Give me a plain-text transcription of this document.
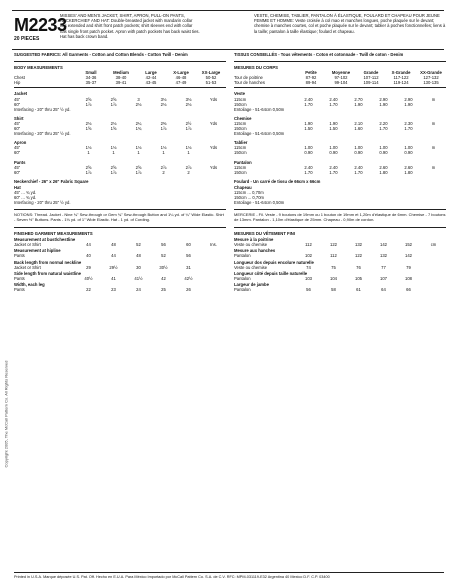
Copyright 2005, The McCall Pattern Co. All Rights Reserved
M2233
20 PIECES
MISSES' AND MEN'S JACKET, SHIRT, APRON, PULL-ON PANTS, NECKERCHIEF AND HAT: Double-breasted jacket with mandarin collar has extended and shirt front patch pockets; shirt sleeves end with collar has single front patch pocket. Apron with patch pockets has back waist ties. Hat has back crown band.
VESTE, CHEMISE, TABLIER, PANTALON À ÉLASTIQUE, FOULARD ET CHAPEAU POUR JEUNE FEMME ET HOMME: Veste croisée à col mao et manches longues, poche plaquée sur le devant; chemise à manches courtes, col et poche plaquée sur le devant; tablier à poches fonctionnelles; liens à la taille; pantalon à taille élastique; foulard et chapeau.
SUGGESTED FABRICS: All Garments - Cotton and Cotton Blends - Cotton Twill - Denim
BODY MEASUREMENTS
Small	Medium	Large	X-Large	XX-Large
Chest	34-36	38-40	42-44	46-48	50-52
Hip	35-37	39-41	43-45	47-49	51-53
Jacket
45"	2⅝	2⅝	3	3⅛	3⅛	Yds
60"	1⅞	1⅞	2⅛	2⅛	2⅛
Interfacing - 20" thru 25" ½ yd.
Shirt
45"	2⅛	2⅛	2¼	2⅜	2½	Yds
60"	1⅝	1⅝	1¾	1⅞	1⅞
Interfacing - 20" thru 25" ½ yd.
Apron
45"	1⅛	1⅛	1⅛	1⅛	1⅛	Yds
60"	1	1	1	1	1
Pants
45"	2⅝	2⅝	2⅝	2⅞	2⅞	Yds
60"	1⅞	1⅞	1⅞	2	2
Neckerchief - 26" x 26" Fabric Square
Hat
45" ... ¾ yd.
60" ... ¾ yd.
Interfacing - 20" thru 25" ½ yd.
NOTIONS: Thread. Jacket - Nine ¾" Sew-through or Gem ¾" Sew-through Button and 1¼ yd. of ¼" Wide Elastic. Shirt - Seven ½" Buttons. Pants - 1⅛ yd. of 1" Wide Elastic. Hat - 1 yd. of Cording.
FINISHED GARMENT MEASUREMENTS
Measurement at bust/chestline
Jacket or Shirt	44	48	52	56	60	Ins.
Measurement at hipline
Pants	40	44	48	52	56
Back length from normal neckline
Jacket or Shirt	29	29½	30	30½	31
Side length from natural waistline
Pants	40½	41	41½	42	42½
Width, each leg
Pants	22	23	24	25	26
TISSUS CONSEILLÉS - Tous vêtements - Coton et cotonnade - Twill de coton - Denim
MESURES DU CORPS
Petite	Moyenne	Grande	X-Grande	XX-Grande
Tour de poitrine	87-92	97-102	107-112	117-122	127-132
Tour de hanches	89-94	99-104	109-114	119-124	130-135
Veste
115cm	2.40	2.40	2.70	2.90	2.90	m
150cm	1.70	1.70	1.90	1.90	1.90
Entoilage - 51-64cm 0,50m
Chemise
115cm	1.90	1.90	2.10	2.20	2.30	m
150cm	1.50	1.50	1.60	1.70	1.70
Entoilage - 51-64cm 0,50m
Tablier
115cm	1.00	1.00	1.00	1.00	1.00	m
150cm	0.90	0.90	0.90	0.90	0.90
Pantalon
115cm	2.40	2.40	2.40	2.60	2.60	m
150cm	1.70	1.70	1.70	1.80	1.80
Foulard - Un carré de tissu de 66cm x 66cm
Chapeau
115cm ... 0,70m
150cm ... 0,70m
Entoilage - 51-64cm 0,50m
MERCERIE - Fil. Veste - 9 boutons de 19mm ou 1 bouton de 19mm et 1,20m d'élastique de 6mm. Chemise - 7 boutons de 13mm. Pantalon - 1,10m d'élastique de 25mm. Chapeau - 0,90m de cordon.
MESURES DU VÊTEMENT FINI
Mesure à la poitrine
Veste ou chemise	112	122	132	142	152	cm
Mesure aux hanches
Pantalon	102	112	122	132	142
Longueur dos depuis encolure naturelle
Veste ou chemise	74	75	76	77	79
Longueur côté depuis taille naturelle
Pantalon	103	104	105	107	108
Largeur de jambe
Pantalon	56	58	61	64	66
Printed in U.S.A. Marque déposée U.S. Pat. Off. Hecho en E.U.A. Para México Importado por McCall Pattern Co. S.A. de C.V. RFC: MPM-031119-E32 Argentina 40 Mexico D.F. C.P. 03400
